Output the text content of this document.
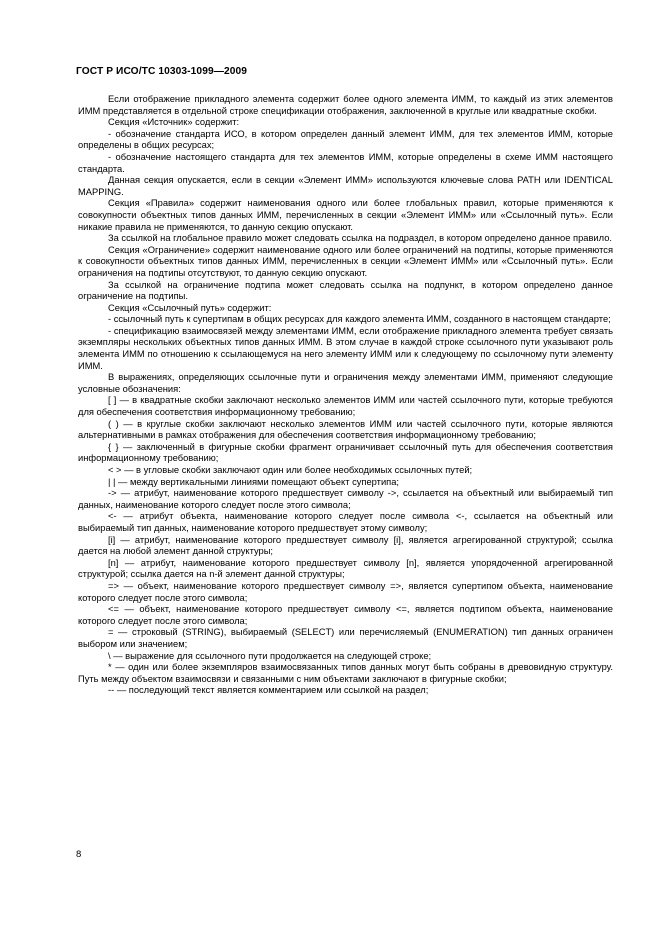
ГОСТ Р ИСО/ТС 10303-1099—2009

Если отображение прикладного элемента содержит более одного элемента ИММ, то каждый из этих элементов ИММ представляется в отдельной строке спецификации отображения, заключенной в круглые или квадратные скобки.

Секция «Источник» содержит:

- обозначение стандарта ИСО, в котором определен данный элемент ИММ, для тех элементов ИММ, которые определены в общих ресурсах;

- обозначение настоящего стандарта для тех элементов ИММ, которые определены в схеме ИММ настоящего стандарта.

Данная секция опускается, если в секции «Элемент ИММ» используются ключевые слова PATH или IDENTICAL MAPPING.

Секция «Правила» содержит наименования одного или более глобальных правил, которые применяются к совокупности объектных типов данных ИММ, перечисленных в секции «Элемент ИММ» или «Ссылочный путь». Если никакие правила не применяются, то данную секцию опускают.

За ссылкой на глобальное правило может следовать ссылка на подраздел, в котором определено данное правило.

Секция «Ограничение» содержит наименование одного или более ограничений на подтипы, которые применяются к совокупности объектных типов данных ИММ, перечисленных в секции «Элемент ИММ» или «Ссылочный путь». Если ограничения на подтипы отсутствуют, то данную секцию опускают.

За ссылкой на ограничение подтипа может следовать ссылка на подпункт, в котором определено данное ограничение на подтипы.

Секция «Ссылочный путь» содержит:

- ссылочный путь к супертипам в общих ресурсах для каждого элемента ИММ, созданного в настоящем стандарте;

- спецификацию взаимосвязей между элементами ИММ, если отображение прикладного элемента требует связать экземпляры нескольких объектных типов данных ИММ. В этом случае в каждой строке ссылочного пути указывают роль элемента ИММ по отношению к ссылающемуся на него элементу ИММ или к следующему по ссылочному пути элементу ИММ.

В выражениях, определяющих ссылочные пути и ограничения между элементами ИММ, применяют следующие условные обозначения:

[ ] — в квадратные скобки заключают несколько элементов ИММ или частей ссылочного пути, которые требуются для обеспечения соответствия информационному требованию;

( ) — в круглые скобки заключают несколько элементов ИММ или частей ссылочного пути, которые являются альтернативными в рамках отображения для обеспечения соответствия информационному требованию;

{ } — заключенный в фигурные скобки фрагмент ограничивает ссылочный путь для обеспечения соответствия информационному требованию;

< > — в угловые скобки заключают один или более необходимых ссылочных путей;

| | — между вертикальными линиями помещают объект супертипа;

-> — атрибут, наименование которого предшествует символу ->, ссылается на объектный или выбираемый тип данных, наименование которого следует после этого символа;

<- — атрибут объекта, наименование которого следует после символа <-, ссылается на объектный или выбираемый тип данных, наименование которого предшествует этому символу;

[i] — атрибут, наименование которого предшествует символу [i], является агрегированной структурой; ссылка дается на любой элемент данной структуры;

[n] — атрибут, наименование которого предшествует символу [n], является упорядоченной агрегированной структурой; ссылка дается на n-й элемент данной структуры;

=> — объект, наименование которого предшествует символу =>, является супертипом объекта, наименование которого следует после этого символа;

<= — объект, наименование которого предшествует символу <=, является подтипом объекта, наименование которого следует после этого символа;

= — строковый (STRING), выбираемый (SELECT) или перечисляемый (ENUMERATION) тип данных ограничен выбором или значением;

\ — выражение для ссылочного пути продолжается на следующей строке;

* — один или более экземпляров взаимосвязанных типов данных могут быть собраны в древовидную структуру. Путь между объектом взаимосвязи и связанными с ним объектами заключают в фигурные скобки;

-- — последующий текст является комментарием или ссылкой на раздел;

8
